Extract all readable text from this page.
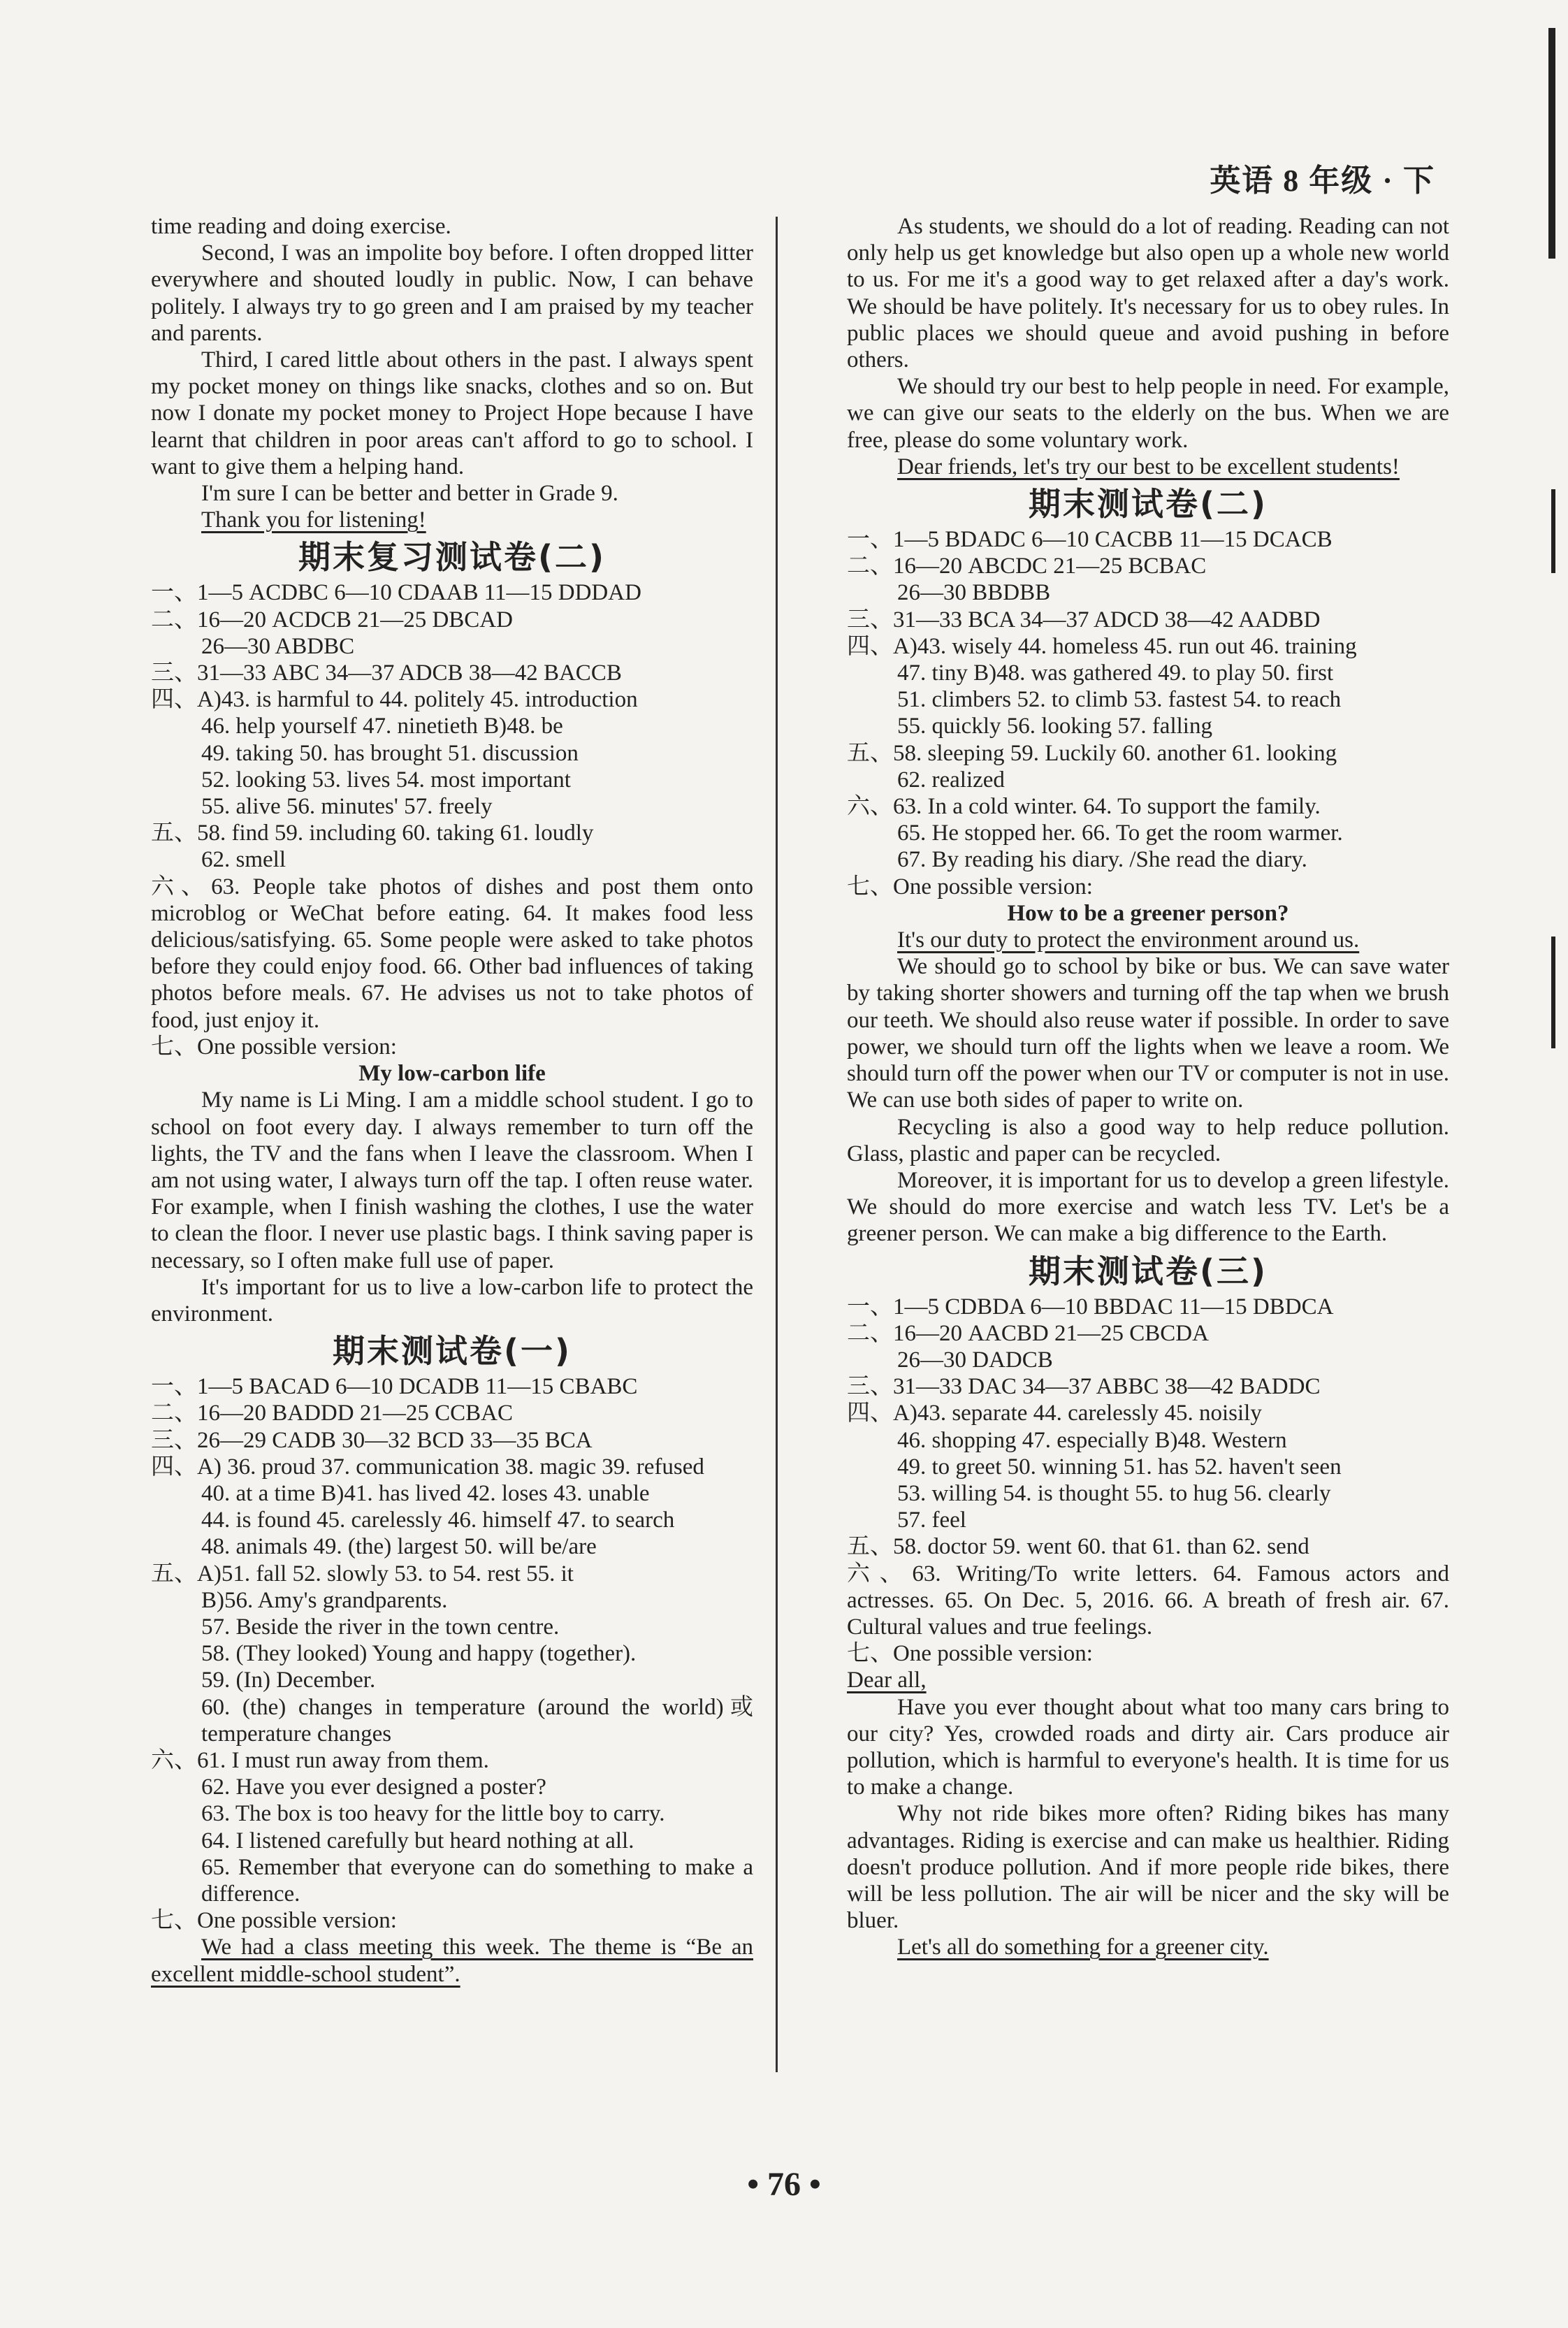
英语 8 年级 · 下
time reading and doing exercise.
Second, I was an impolite boy before. I often dropped litter everywhere and shouted loudly in public. Now, I can behave politely. I always try to go green and I am praised by my teacher and parents.
Third, I cared little about others in the past. I always spent my pocket money on things like snacks, clothes and so on. But now I donate my pocket money to Project Hope because I have learnt that children in poor areas can't afford to go to school. I want to give them a helping hand.
I'm sure I can be better and better in Grade 9.
Thank you for listening!
期末复习测试卷(二)
一、1—5 ACDBC 6—10 CDAAB 11—15 DDDAD
二、16—20 ACDCB 21—25 DBCAD
26—30 ABDBC
三、31—33 ABC 34—37 ADCB 38—42 BACCB
四、A)43. is harmful to 44. politely 45. introduction
46. help yourself 47. ninetieth B)48. be
49. taking 50. has brought 51. discussion
52. looking 53. lives 54. most important
55. alive 56. minutes' 57. freely
五、58. find 59. including 60. taking 61. loudly
62. smell
六、63. People take photos of dishes and post them onto microblog or WeChat before eating. 64. It makes food less delicious/satisfying. 65. Some people were asked to take photos before they could enjoy food. 66. Other bad influences of taking photos before meals. 67. He advises us not to take photos of food, just enjoy it.
七、One possible version:
My low-carbon life
My name is Li Ming. I am a middle school student. I go to school on foot every day. I always remember to turn off the lights, the TV and the fans when I leave the classroom. When I am not using water, I always turn off the tap. I often reuse water. For example, when I finish washing the clothes, I use the water to clean the floor. I never use plastic bags. I think saving paper is necessary, so I often make full use of paper.
It's important for us to live a low-carbon life to protect the environment.
期末测试卷(一)
一、1—5 BACAD 6—10 DCADB 11—15 CBABC
二、16—20 BADDD 21—25 CCBAC
三、26—29 CADB 30—32 BCD 33—35 BCA
四、A) 36. proud 37. communication 38. magic 39. refused
40. at a time B)41. has lived 42. loses 43. unable
44. is found 45. carelessly 46. himself 47. to search
48. animals 49. (the) largest 50. will be/are
五、A)51. fall 52. slowly 53. to 54. rest 55. it
B)56. Amy's grandparents.
57. Beside the river in the town centre.
58. (They looked) Young and happy (together).
59. (In) December.
60. (the) changes in temperature (around the world)或 temperature changes
六、61. I must run away from them.
62. Have you ever designed a poster?
63. The box is too heavy for the little boy to carry.
64. I listened carefully but heard nothing at all.
65. Remember that everyone can do something to make a difference.
七、One possible version:
We had a class meeting this week. The theme is “Be an excellent middle-school student”.
As students, we should do a lot of reading. Reading can not only help us get knowledge but also open up a whole new world to us. For me it's a good way to get relaxed after a day's work. We should be have politely. It's necessary for us to obey rules. In public places we should queue and avoid pushing in before others.
We should try our best to help people in need. For example, we can give our seats to the elderly on the bus. When we are free, please do some voluntary work.
Dear friends, let's try our best to be excellent students!
期末测试卷(二)
一、1—5 BDADC 6—10 CACBB 11—15 DCACB
二、16—20 ABCDC 21—25 BCBAC
26—30 BBDBB
三、31—33 BCA 34—37 ADCD 38—42 AADBD
四、A)43. wisely 44. homeless 45. run out 46. training
47. tiny B)48. was gathered 49. to play 50. first
51. climbers 52. to climb 53. fastest 54. to reach
55. quickly 56. looking 57. falling
五、58. sleeping 59. Luckily 60. another 61. looking
62. realized
六、63. In a cold winter. 64. To support the family.
65. He stopped her. 66. To get the room warmer.
67. By reading his diary. /She read the diary.
七、One possible version:
How to be a greener person?
It's our duty to protect the environment around us.
We should go to school by bike or bus. We can save water by taking shorter showers and turning off the tap when we brush our teeth. We should also reuse water if possible. In order to save power, we should turn off the lights when we leave a room. We should turn off the power when our TV or computer is not in use. We can use both sides of paper to write on.
Recycling is also a good way to help reduce pollution. Glass, plastic and paper can be recycled.
Moreover, it is important for us to develop a green lifestyle. We should do more exercise and watch less TV. Let's be a greener person. We can make a big difference to the Earth.
期末测试卷(三)
一、1—5 CDBDA 6—10 BBDAC 11—15 DBDCA
二、16—20 AACBD 21—25 CBCDA
26—30 DADCB
三、31—33 DAC 34—37 ABBC 38—42 BADDC
四、A)43. separate 44. carelessly 45. noisily
46. shopping 47. especially B)48. Western
49. to greet 50. winning 51. has 52. haven't seen
53. willing 54. is thought 55. to hug 56. clearly
57. feel
五、58. doctor 59. went 60. that 61. than 62. send
六、63. Writing/To write letters. 64. Famous actors and actresses. 65. On Dec. 5, 2016. 66. A breath of fresh air. 67. Cultural values and true feelings.
七、One possible version:
Dear all,
Have you ever thought about what too many cars bring to our city? Yes, crowded roads and dirty air. Cars produce air pollution, which is harmful to everyone's health. It is time for us to make a change.
Why not ride bikes more often? Riding bikes has many advantages. Riding is exercise and can make us healthier. Riding doesn't produce pollution. And if more people ride bikes, there will be less pollution. The air will be nicer and the sky will be bluer.
Let's all do something for a greener city.
• 76 •
